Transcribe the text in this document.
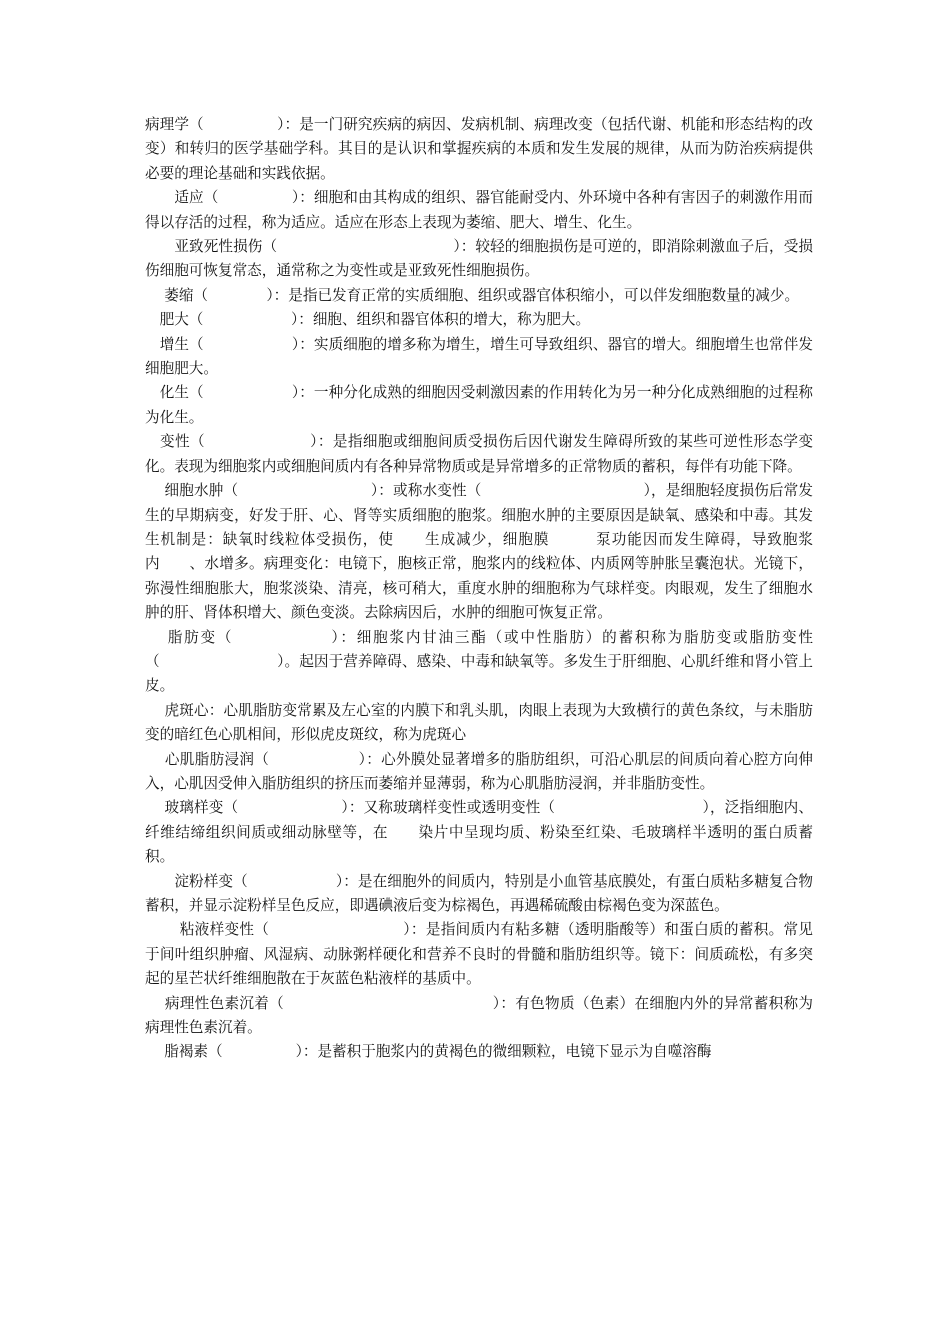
病理学（　　　　　）：是一门研究疾病的病因、发病机制、病理改变（包括代谢、机能和形态结构的改变）和转归的医学基础学科。其目的是认识和掌握疾病的本质和发生发展的规律，从而为防治疾病提供必要的理论基础和实践依据。

　　适应（　　　　　）：细胞和由其构成的组织、器官能耐受内、外环境中各种有害因子的刺激作用而得以存活的过程，称为适应。适应在形态上表现为萎缩、肥大、增生、化生。

　　亚致死性损伤（　　　　　　　　　　　　）：较轻的细胞损伤是可逆的，即消除刺激血子后，受损伤细胞可恢复常态，通常称之为变性或是亚致死性细胞损伤。

　 萎缩（　　　　）：是指已发育正常的实质细胞、组织或器官体积缩小，可以伴发细胞数量的减少。

　肥大（　　　　　　）：细胞、组织和器官体积的增大，称为肥大。

　增生（　　　　　　）：实质细胞的增多称为增生，增生可导致组织、器官的增大。细胞增生也常伴发细胞肥大。

　化生（　　　　　　）：一种分化成熟的细胞因受刺激因素的作用转化为另一种分化成熟细胞的过程称为化生。

　变性（　　　　　　　）：是指细胞或细胞间质受损伤后因代谢发生障碍所致的某些可逆性形态学变化。表现为细胞浆内或细胞间质内有各种异常物质或是异常增多的正常物质的蓄积，每伴有功能下降。

　 细胞水肿（　　　　　　　　　）：或称水变性（　　　　　　　　　　　），是细胞轻度损伤后常发生的早期病变，好发于肝、心、肾等实质细胞的胞浆。细胞水肿的主要原因是缺氧、感染和中毒。其发生机制是：缺氧时线粒体受损伤，使　　生成减少，细胞膜　　　泵功能因而发生障碍，导致胞浆内　　、水增多。病理变化：电镜下，胞核正常，胞浆内的线粒体、内质网等肿胀呈囊泡状。光镜下，弥漫性细胞胀大，胞浆淡染、清亮，核可稍大，重度水肿的细胞称为气球样变。肉眼观，发生了细胞水肿的肝、肾体积增大、颜色变淡。去除病因后，水肿的细胞可恢复正常。

　 脂肪变（　　　　　　）：细胞浆内甘油三酯（或中性脂肪）的蓄积称为脂肪变或脂肪变性（　　　　　　　　）。起因于营养障碍、感染、中毒和缺氧等。多发生于肝细胞、心肌纤维和肾小管上皮。

　 虎斑心：心肌脂肪变常累及左心室的内膜下和乳头肌，肉眼上表现为大致横行的黄色条纹，与未脂肪变的暗红色心肌相间，形似虎皮斑纹，称为虎斑心

　 心肌脂肪浸润（　　　　　　）：心外膜处显著增多的脂肪组织，可沿心肌层的间质向着心腔方向伸入，心肌因受伸入脂肪组织的挤压而萎缩并显薄弱，称为心肌脂肪浸润，并非脂肪变性。

　 玻璃样变（　　　　　　　）：又称玻璃样变性或透明变性（　　　　　　　　　　），泛指细胞内、纤维结缔组织间质或细动脉壁等，在　　染片中呈现均质、粉染至红染、毛玻璃样半透明的蛋白质蓄积。

　　淀粉样变（　　　　　　）：是在细胞外的间质内，特别是小血管基底膜处，有蛋白质粘多糖复合物蓄积，并显示淀粉样呈色反应，即遇碘液后变为棕褐色，再遇稀硫酸由棕褐色变为深蓝色。

　 　粘液样变性（　　　　　　　　　）：是指间质内有粘多糖（透明脂酸等）和蛋白质的蓄积。常见于间叶组织肿瘤、风湿病、动脉粥样硬化和营养不良时的骨髓和脂肪组织等。镜下：间质疏松，有多突起的星芒状纤维细胞散在于灰蓝色粘液样的基质中。

　 病理性色素沉着（　　　　　　　　　　　　　　）：有色物质（色素）在细胞内外的异常蓄积称为病理性色素沉着。

　 脂褐素（　　　　　）：是蓄积于胞浆内的黄褐色的微细颗粒，电镜下显示为自噬溶酶
